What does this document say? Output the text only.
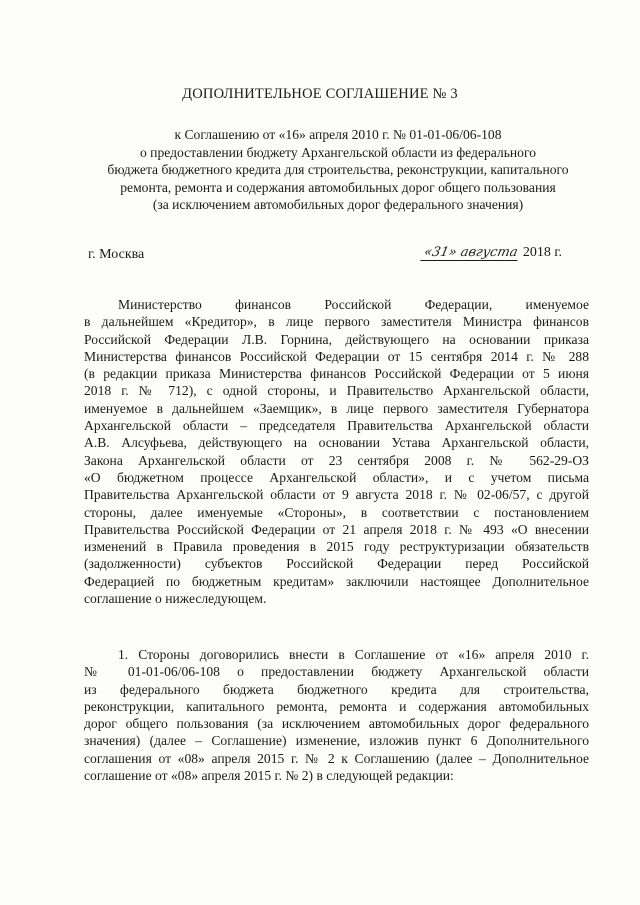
ДОПОЛНИТЕЛЬНОЕ СОГЛАШЕНИЕ № 3
к Соглашению от «16» апреля 2010 г. № 01-01-06/06-108
о предоставлении бюджету Архангельской области из федерального
бюджета бюджетного кредита для строительства, реконструкции, капитального
ремонта, ремонта и содержания автомобильных дорог общего пользования
(за исключением автомобильных дорог федерального значения)
г. Москва	«31» августа 2018 г.
Министерство финансов Российской Федерации, именуемое
в дальнейшем «Кредитор», в лице первого заместителя Министра финансов
Российской Федерации Л.В. Горнина, действующего на основании приказа
Министерства финансов Российской Федерации от 15 сентября 2014 г. № 288
(в редакции приказа Министерства финансов Российской Федерации от 5 июня
2018 г. № 712), с одной стороны, и Правительство Архангельской области,
именуемое в дальнейшем «Заемщик», в лице первого заместителя Губернатора
Архангельской области – председателя Правительства Архангельской области
А.В. Алсуфьева, действующего на основании Устава Архангельской области,
Закона Архангельской области от 23 сентября 2008 г. № 562-29-ОЗ
«О бюджетном процессе Архангельской области», и с учетом письма
Правительства Архангельской области от 9 августа 2018 г. № 02-06/57, с другой
стороны, далее именуемые «Стороны», в соответствии с постановлением
Правительства Российской Федерации от 21 апреля 2018 г. № 493 «О внесении
изменений в Правила проведения в 2015 году реструктуризации обязательств
(задолженности) субъектов Российской Федерации перед Российской
Федерацией по бюджетным кредитам» заключили настоящее Дополнительное
соглашение о нижеследующем.
1. Стороны договорились внести в Соглашение от «16» апреля 2010 г.
№ 01-01-06/06-108 о предоставлении бюджету Архангельской области
из федерального бюджета бюджетного кредита для строительства,
реконструкции, капитального ремонта, ремонта и содержания автомобильных
дорог общего пользования (за исключением автомобильных дорог федерального
значения) (далее – Соглашение) изменение, изложив пункт 6 Дополнительного
соглашения от «08» апреля 2015 г. № 2 к Соглашению (далее – Дополнительное
соглашение от «08» апреля 2015 г. № 2) в следующей редакции:
